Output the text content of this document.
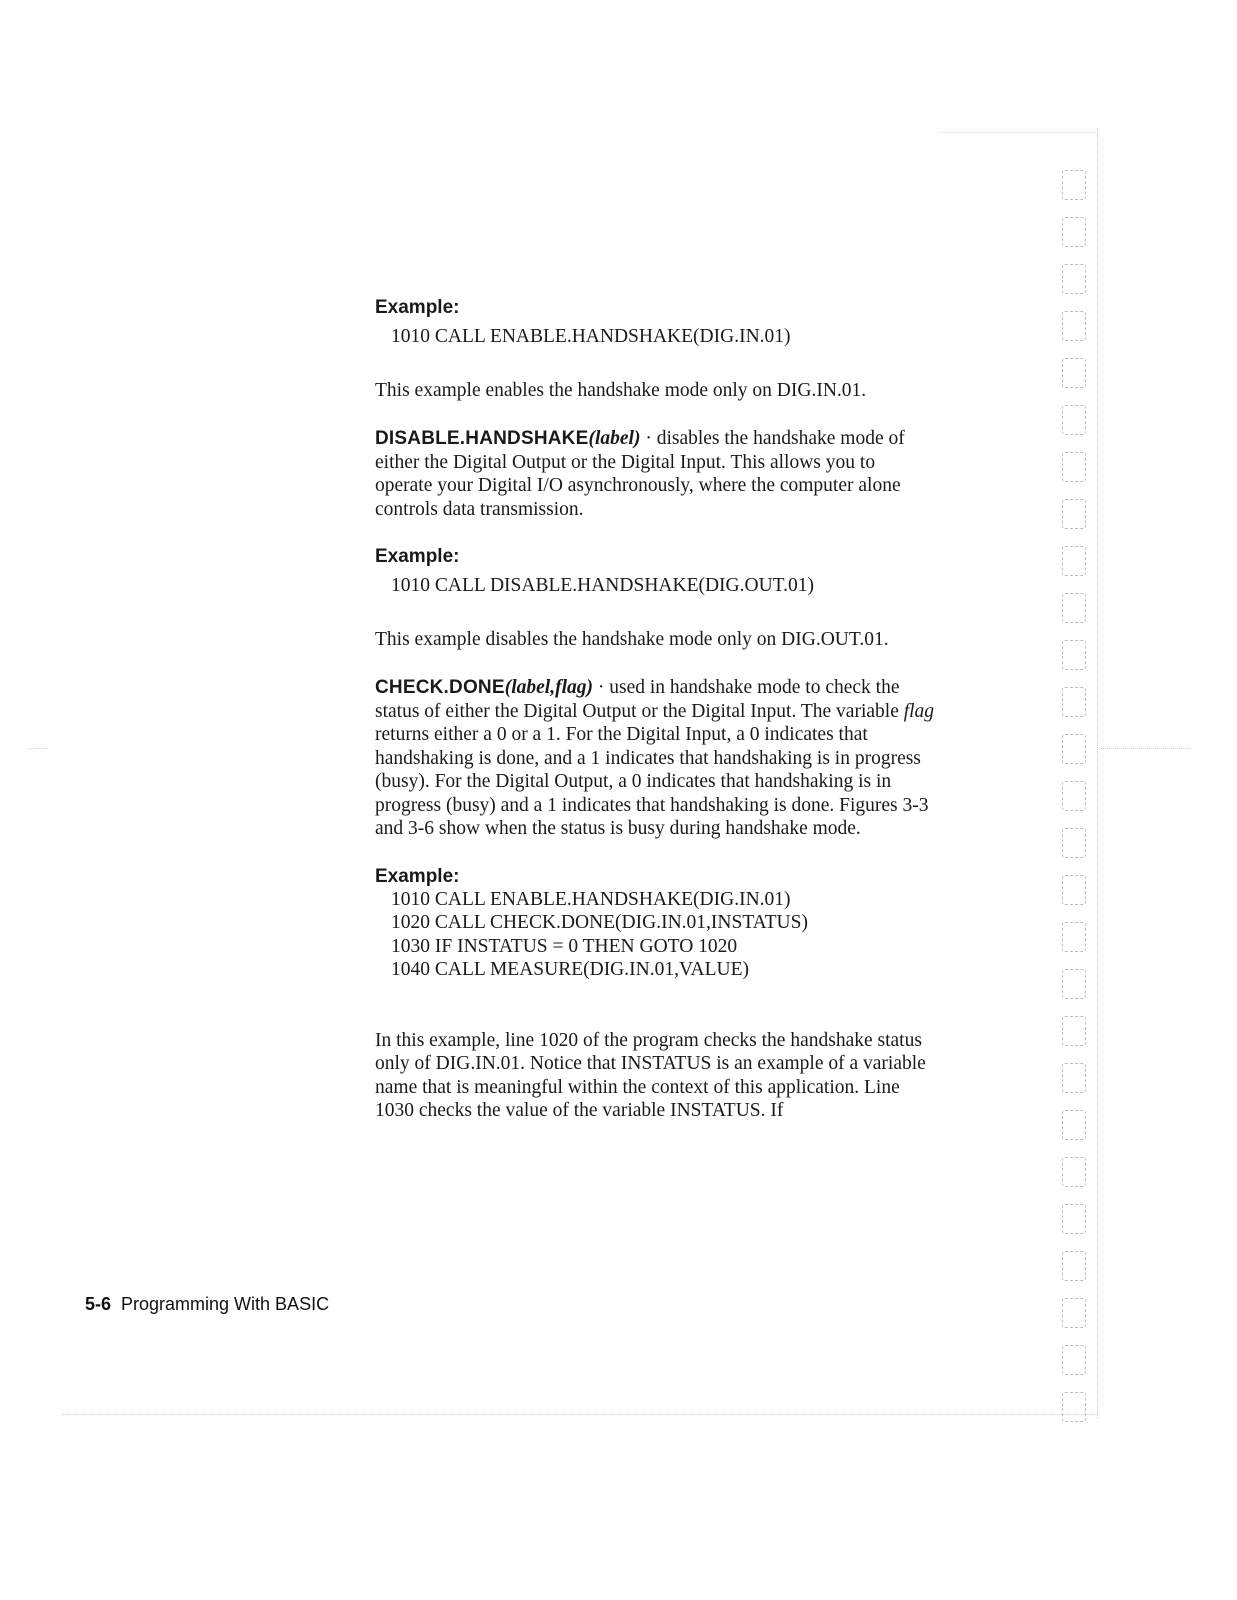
Example:

1010 CALL ENABLE.HANDSHAKE(DIG.IN.01)

This example enables the handshake mode only on DIG.IN.01.

DISABLE.HANDSHAKE(label) · disables the handshake mode of either the Digital Output or the Digital Input. This allows you to operate your Digital I/O asynchronously, where the computer alone controls data transmission.

Example:

1010 CALL DISABLE.HANDSHAKE(DIG.OUT.01)

This example disables the handshake mode only on DIG.OUT.01.

CHECK.DONE(label,flag) · used in handshake mode to check the status of either the Digital Output or the Digital Input. The variable flag returns either a 0 or a 1. For the Digital Input, a 0 indicates that handshaking is done, and a 1 indicates that handshaking is in progress (busy). For the Digital Output, a 0 indicates that handshaking is in progress (busy) and a 1 indicates that handshaking is done. Figures 3-3 and 3-6 show when the status is busy during handshake mode.

Example:

1010 CALL ENABLE.HANDSHAKE(DIG.IN.01)
1020 CALL CHECK.DONE(DIG.IN.01,INSTATUS)
1030 IF INSTATUS = 0 THEN GOTO 1020
1040 CALL MEASURE(DIG.IN.01,VALUE)

In this example, line 1020 of the program checks the handshake status only of DIG.IN.01. Notice that INSTATUS is an example of a variable name that is meaningful within the context of this application. Line 1030 checks the value of the variable INSTATUS. If

5-6 Programming With BASIC
